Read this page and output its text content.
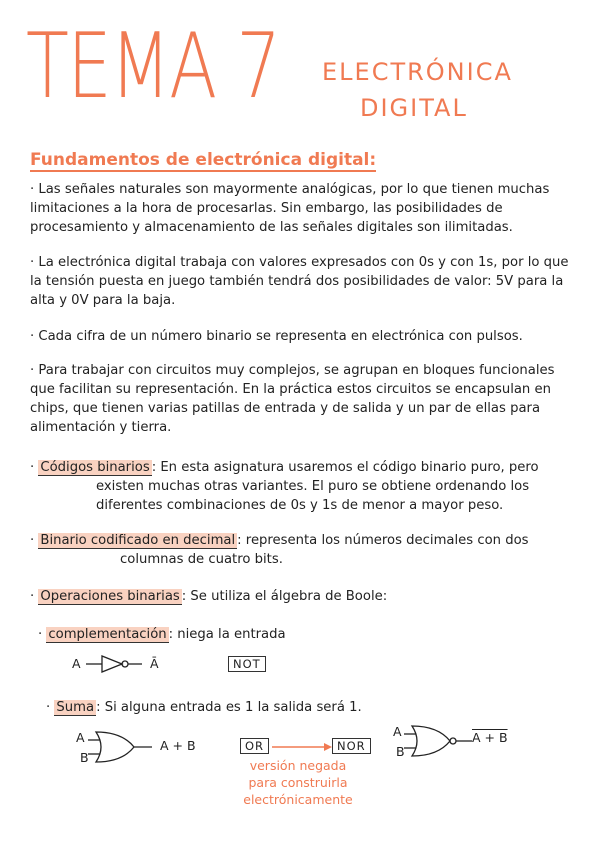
TEMA 7 ELECTRÓNICA
DIGITAL
Fundamentos de electrónica digital:
· Las señales naturales son mayormente analógicas, por lo que tienen muchas limitaciones a la hora de procesarlas. Sin embargo, las posibilidades de procesamiento y almacenamiento de las señales digitales son ilimitadas.
· La electrónica digital trabaja con valores expresados con 0s y con 1s, por lo que la tensión puesta en juego también tendrá dos posibilidades de valor: 5V para la alta y 0V para la baja.
· Cada cifra de un número binario se representa en electrónica con pulsos.
· Para trabajar con circuitos muy complejos, se agrupan en bloques funcionales que facilitan su representación. En la práctica estos circuitos se encapsulan en chips, que tienen varias patillas de entrada y de salida y un par de ellas para alimentación y tierra.
· Códigos binarios : En esta asignatura usaremos el código binario puro, pero
existen muchas otras variantes. El puro se obtiene ordenando los
diferentes combinaciones de 0s y 1s de menor a mayor peso.
· Binario codificado en decimal : representa los números decimales con dos
columnas de cuatro bits.
· Operaciones binarias : Se utiliza el álgebra de Boole:
· complementación : niega la entrada
A	Ā	NOT
· Suma : Si alguna entrada es 1 la salida será 1.
A
B
A + B	OR	NOR
versión negada
para construirla
electrónicamente
A
B
A + B
